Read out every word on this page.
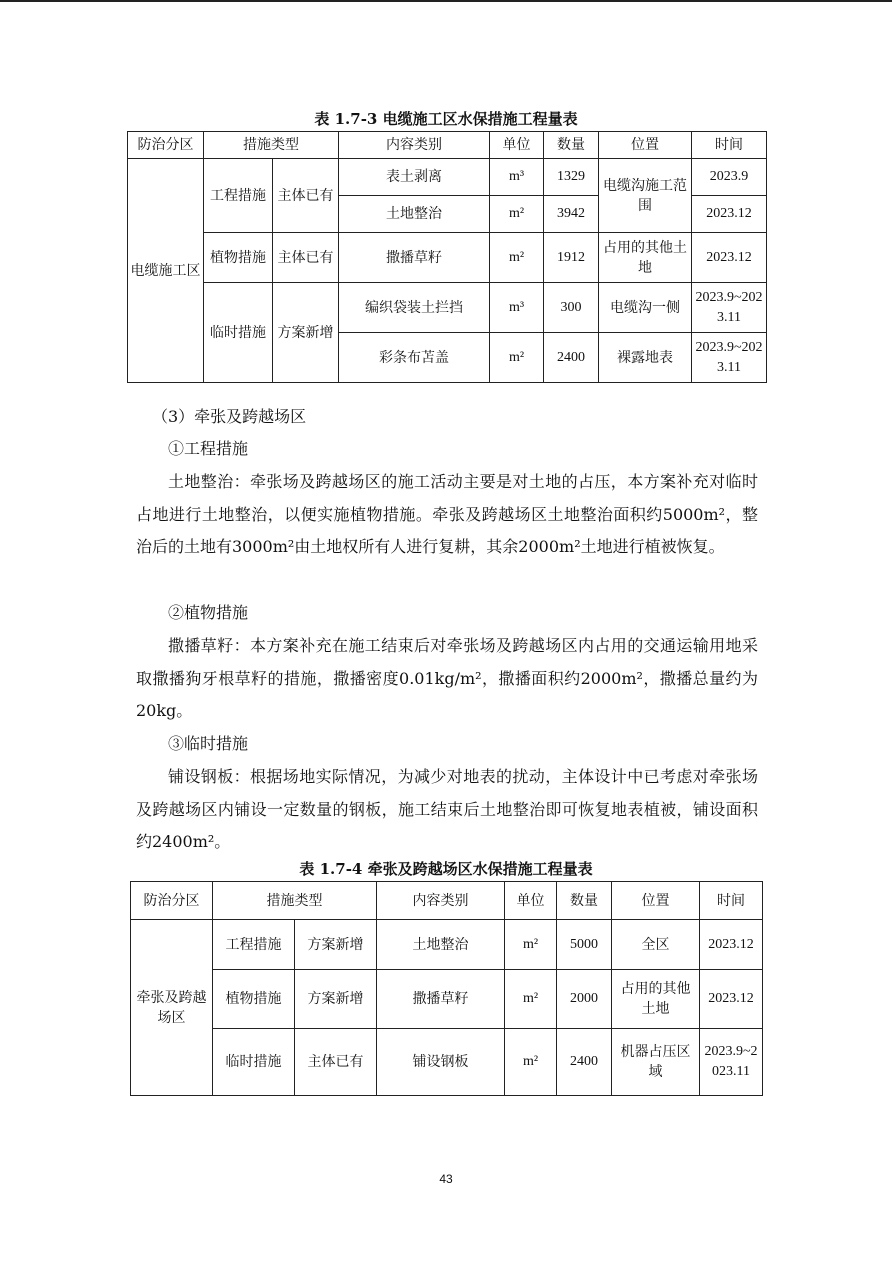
表 1.7-3 电缆施工区水保措施工程量表
防治分区	措施类型		内容类别	单位	数量	位置	时间
电缆施工区	工程措施	主体已有	表土剥离	m³	1329	电缆沟施工范围	2023.9
			土地整治	m²	3942		2023.12
	植物措施	主体已有	撒播草籽	m²	1912	占用的其他土地	2023.12
	临时措施	方案新增	编织袋装土拦挡	m³	300	电缆沟一侧	2023.9~2023.11
			彩条布苫盖	m²	2400	裸露地表	2023.9~2023.11
（3）牵张及跨越场区
①工程措施
土地整治：牵张场及跨越场区的施工活动主要是对土地的占压，本方案补充对临时占地进行土地整治，以便实施植物措施。牵张及跨越场区土地整治面积约5000m²，整治后的土地有3000m²由土地权所有人进行复耕，其余2000m²土地进行植被恢复。
②植物措施
撒播草籽：本方案补充在施工结束后对牵张场及跨越场区内占用的交通运输用地采取撒播狗牙根草籽的措施，撒播密度0.01kg/m²，撒播面积约2000m²，撒播总量约为20kg。
③临时措施
铺设钢板：根据场地实际情况，为减少对地表的扰动，主体设计中已考虑对牵张场及跨越场区内铺设一定数量的钢板，施工结束后土地整治即可恢复地表植被，铺设面积约2400m²。
表 1.7-4 牵张及跨越场区水保措施工程量表
防治分区	措施类型		内容类别	单位	数量	位置	时间
牵张及跨越场区	工程措施	方案新增	土地整治	m²	5000	全区	2023.12
	植物措施	方案新增	撒播草籽	m²	2000	占用的其他土地	2023.12
	临时措施	主体已有	铺设钢板	m²	2400	机器占压区域	2023.9~2023.11
43
